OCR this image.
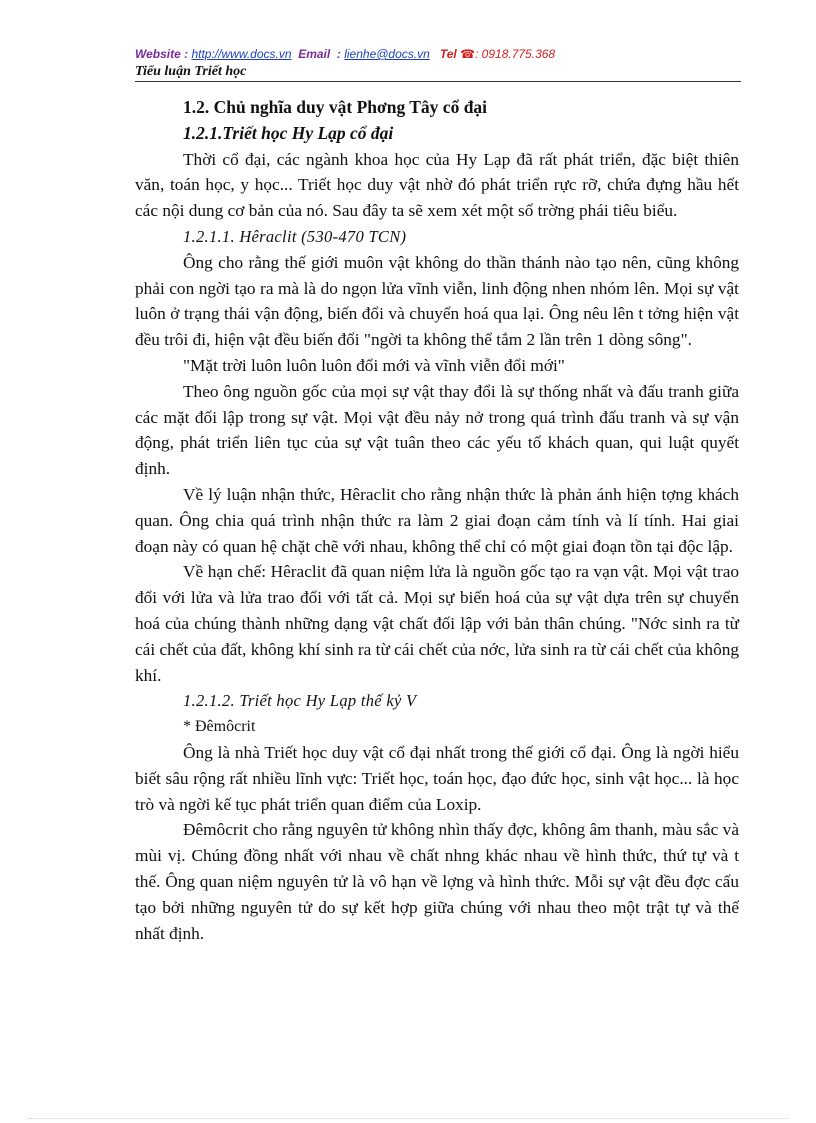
Website : http://www.docs.vn Email : lienhe@docs.vn Tel ☎: 0918.775.368
Tiểu luận Triết học

1.2. Chủ nghĩa duy vật Phơng Tây cổ đại

1.2.1.Triết học Hy Lạp cổ đại

Thời cổ đại, các ngành khoa học của Hy Lạp đã rất phát triển, đặc biệt thiên văn, toán học, y học... Triết học duy vật nhờ đó phát triển rực rỡ, chứa đựng hầu hết các nội dung cơ bản của nó. Sau đây ta sẽ xem xét một số trờng phái tiêu biểu.

1.2.1.1. Hêraclit (530-470 TCN)

Ông cho rằng thế giới muôn vật không do thần thánh nào tạo nên, cũng không phải con ngời tạo ra mà là do ngọn lửa vĩnh viễn, linh động nhen nhóm lên. Mọi sự vật luôn ở trạng thái vận động, biến đổi và chuyển hoá qua lại. Ông nêu lên t tởng hiện vật đều trôi đi, hiện vật đều biến đổi "ngời ta không thể tắm 2 lần trên 1 dòng sông".

"Mặt trời luôn luôn luôn đổi mới và vĩnh viễn đổi mới"

Theo ông nguồn gốc của mọi sự vật thay đổi là sự thống nhất và đấu tranh giữa các mặt đối lập trong sự vật. Mọi vật đều nảy nở trong quá trình đấu tranh và sự vận động, phát triển liên tục của sự vật tuân theo các yếu tố khách quan, qui luật quyết định.

Về lý luận nhận thức, Hêraclit cho rằng nhận thức là phản ánh hiện tợng khách quan. Ông chia quá trình nhận thức ra làm 2 giai đoạn cảm tính và lí tính. Hai giai đoạn này có quan hệ chặt chẽ với nhau, không thể chỉ có một giai đoạn tồn tại độc lập.

Về hạn chế: Hêraclit đã quan niệm lửa là nguồn gốc tạo ra vạn vật. Mọi vật trao đổi với lửa và lửa trao đổi với tất cả. Mọi sự biến hoá của sự vật dựa trên sự chuyển hoá của chúng thành những dạng vật chất đối lập với bản thân chúng. "Nớc sinh ra từ cái chết của đất, không khí sinh ra từ cái chết của nớc, lửa sinh ra từ cái chết của không khí.

1.2.1.2. Triết học Hy Lạp thế kỷ V

* Đêmôcrit

Ông là nhà Triết học duy vật cổ đại nhất trong thế giới cổ đại. Ông là ngời hiểu biết sâu rộng rất nhiều lĩnh vực: Triết học, toán học, đạo đức học, sinh vật học... là học trò và ngời kế tục phát triển quan điểm của Loxip.

Đêmôcrit cho rằng nguyên tử không nhìn thấy đợc, không âm thanh, màu sắc và mùi vị. Chúng đồng nhất với nhau về chất nhng khác nhau về hình thức, thứ tự và t thế. Ông quan niệm nguyên tử là vô hạn về lợng và hình thức. Mỗi sự vật đều đợc cấu tạo bởi những nguyên tử do sự kết hợp giữa chúng với nhau theo một trật tự và thế nhất định.
